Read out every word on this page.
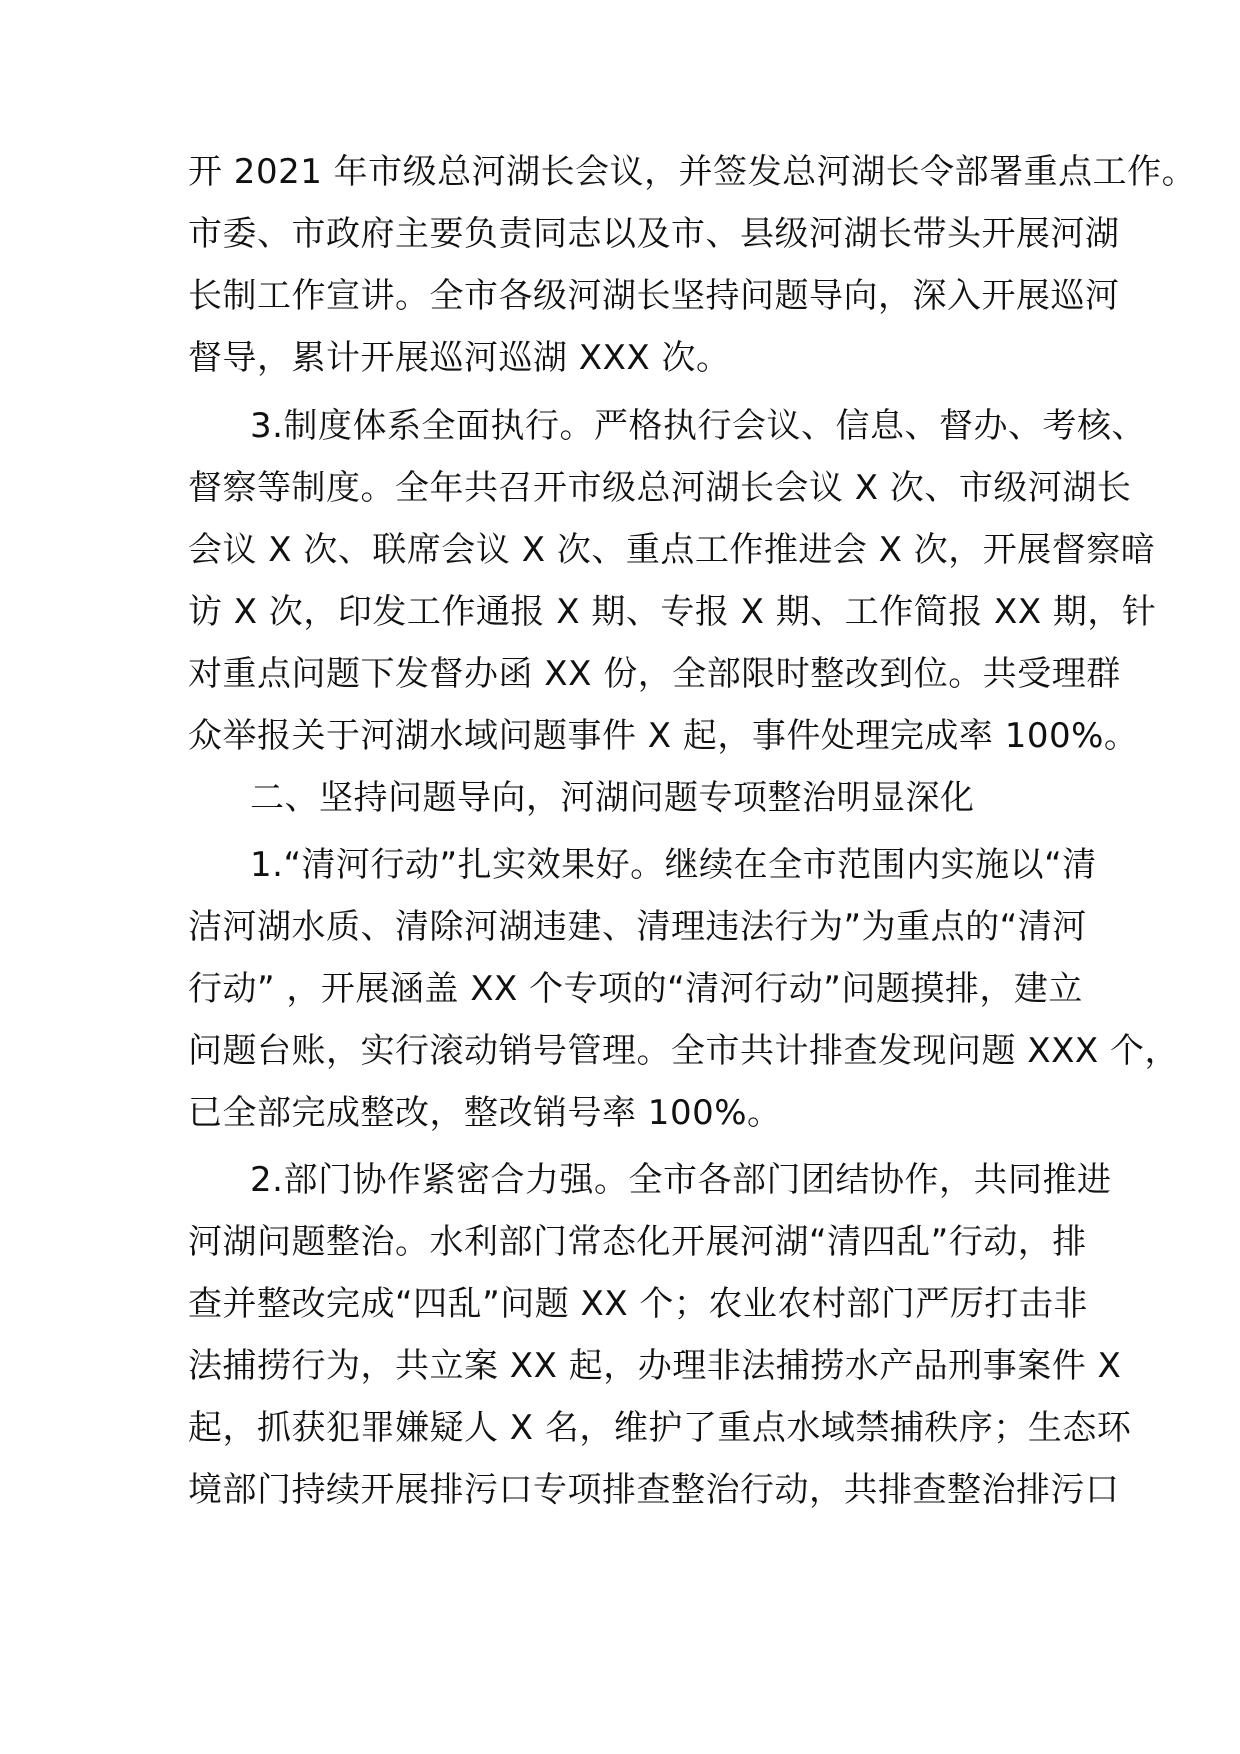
开 2021 年市级总河湖长会议，并签发总河湖长令部署重点工作。

市委、市政府主要负责同志以及市、县级河湖长带头开展河湖

长制工作宣讲。全市各级河湖长坚持问题导向，深入开展巡河

督导，累计开展巡河巡湖 XXX 次。

3.制度体系全面执行。严格执行会议、信息、督办、考核、

督察等制度。全年共召开市级总河湖长会议 X 次、市级河湖长

会议 X 次、联席会议 X 次、重点工作推进会 X 次，开展督察暗

访 X 次，印发工作通报 X 期、专报 X 期、工作简报 XX 期，针

对重点问题下发督办函 XX 份，全部限时整改到位。共受理群

众举报关于河湖水域问题事件 X 起，事件处理完成率 100%。

二、坚持问题导向，河湖问题专项整治明显深化

1.“清河行动”扎实效果好。继续在全市范围内实施以“清

洁河湖水质、清除河湖违建、清理违法行为”为重点的“清河

行动” ，开展涵盖 XX 个专项的“清河行动”问题摸排，建立

问题台账，实行滚动销号管理。全市共计排查发现问题 XXX 个，

已全部完成整改，整改销号率 100%。

2.部门协作紧密合力强。全市各部门团结协作，共同推进

河湖问题整治。水利部门常态化开展河湖“清四乱”行动，排

查并整改完成“四乱”问题 XX 个；农业农村部门严厉打击非

法捕捞行为，共立案 XX 起，办理非法捕捞水产品刑事案件 X

起，抓获犯罪嫌疑人 X 名，维护了重点水域禁捕秩序；生态环

境部门持续开展排污口专项排查整治行动，共排查整治排污口
